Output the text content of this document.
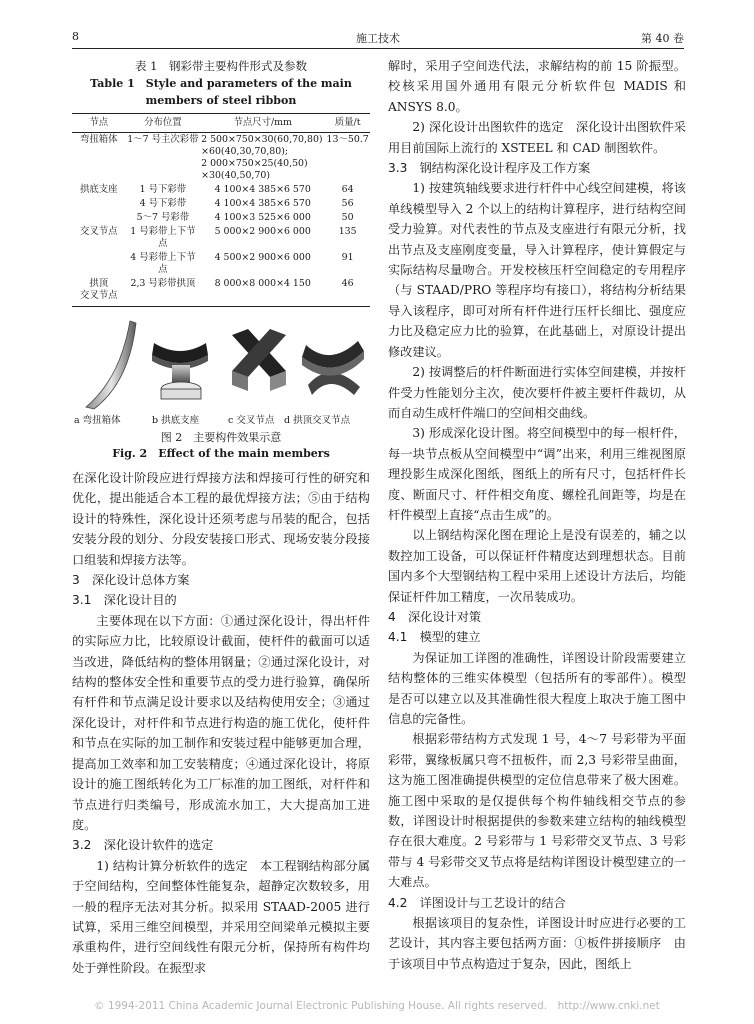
8	施工技术	第 40 卷
表 1　钢彩带主要构件形式及参数
Table 1　Style and parameters of the main
members of steel ribbon
节点	分布位置	节点尺寸/mm	质量/t
弯扭箱体	1～7 号主次彩带	2 500×750×30(60,70,80)
×60(40,30,70,80);
2 000×750×25(40,50)
×30(40,50,70)	13～50.7
拱底支座	1 号下彩带	4 100×4 385×6 570	64
	4 号下彩带	4 100×4 385×6 570	56
	5～7 号彩带	4 100×3 525×6 000	50
交叉节点	1 号彩带上下节点	5 000×2 900×6 000	135
	4 号彩带上下节点	4 500×2 900×6 000	91
拱顶
交叉节点	2,3 号彩带拱顶	8 000×8 000×4 150	46
a 弯扭箱体	b 拱底支座	c 交叉节点 d 拱顶交叉节点
图 2　主要构件效果示意
Fig. 2　Effect of the main members

在深化设计阶段应进行焊接方法和焊接可行性的研究和优化，提出能适合本工程的最优焊接方法；⑤由于结构设计的特殊性，深化设计还须考虑与吊装的配合，包括安装分段的划分、分段安装接口形式、现场安装分段接口组装和焊接方法等。

3　深化设计总体方案

3.1　深化设计目的

主要体现在以下方面：①通过深化设计，得出杆件的实际应力比，比较原设计截面，使杆件的截面可以适当改进，降低结构的整体用钢量；②通过深化设计，对结构的整体安全性和重要节点的受力进行验算，确保所有杆件和节点满足设计要求以及结构使用安全；③通过深化设计，对杆件和节点进行构造的施工优化，使杆件和节点在实际的加工制作和安装过程中能够更加合理，提高加工效率和加工安装精度；④通过深化设计，将原设计的施工图纸转化为工厂标准的加工图纸，对杆件和节点进行归类编号，形成流水加工，大大提高加工进度。

3.2　深化设计软件的选定

1) 结构计算分析软件的选定　本工程钢结构部分属于空间结构，空间整体性能复杂，超静定次数较多，用一般的程序无法对其分析。拟采用 STAAD-2005 进行试算，采用三维空间模型，并采用空间梁单元模拟主要承重构件，进行空间线性有限元分析，保持所有构件均处于弹性阶段。在振型求

解时，采用子空间迭代法，求解结构的前 15 阶振型。校核采用国外通用有限元分析软件包 MADIS 和 ANSYS 8.0。

2) 深化设计出图软件的选定　深化设计出图软件采用目前国际上流行的 XSTEEL 和 CAD 制图软件。

3.3　钢结构深化设计程序及工作方案

1) 按建筑轴线要求进行杆件中心线空间建模，将该单线模型导入 2 个以上的结构计算程序，进行结构空间受力验算。对代表性的节点及支座进行有限元分析，找出节点及支座刚度变量，导入计算程序，使计算假定与实际结构尽量吻合。开发校核压杆空间稳定的专用程序（与 STAAD/PRO 等程序均有接口），将结构分析结果导入该程序，即可对所有杆件进行压杆长细比、强度应力比及稳定应力比的验算，在此基础上，对原设计提出修改建议。

2) 按调整后的杆件断面进行实体空间建模，并按杆件受力性能划分主次，使次要杆件被主要杆件裁切，从而自动生成杆件端口的空间相交曲线。

3) 形成深化设计图。将空间模型中的每一根杆件，每一块节点板从空间模型中“调”出来，利用三维视图原理投影生成深化图纸，图纸上的所有尺寸，包括杆件长度、断面尺寸、杆件相交角度、螺栓孔间距等，均是在杆件模型上直接“点击生成”的。

以上钢结构深化图在理论上是没有误差的，辅之以数控加工设备，可以保证杆件精度达到理想状态。目前国内多个大型钢结构工程中采用上述设计方法后，均能保证杆件加工精度，一次吊装成功。

4　深化设计对策

4.1　模型的建立

为保证加工详图的准确性，详图设计阶段需要建立结构整体的三维实体模型（包括所有的零部件）。模型是否可以建立以及其准确性很大程度上取决于施工图中信息的完备性。

根据彩带结构方式发现 1 号，4～7 号彩带为平面彩带，翼缘板属只弯不扭板件，而 2,3 号彩带呈曲面，这为施工图准确提供模型的定位信息带来了极大困难。施工图中采取的是仅提供每个构件轴线相交节点的参数，详图设计时根据提供的参数来建立结构的轴线模型存在很大难度。2 号彩带与 1 号彩带交叉节点、3 号彩带与 4 号彩带交叉节点将是结构详图设计模型建立的一大难点。

4.2　详图设计与工艺设计的结合

根据该项目的复杂性，详图设计时应进行必要的工艺设计，其内容主要包括两方面：①板件拼接顺序　由于该项目中节点构造过于复杂，因此，图纸上

© 1994-2011 China Academic Journal Electronic Publishing House. All rights reserved.　http://www.cnki.net
